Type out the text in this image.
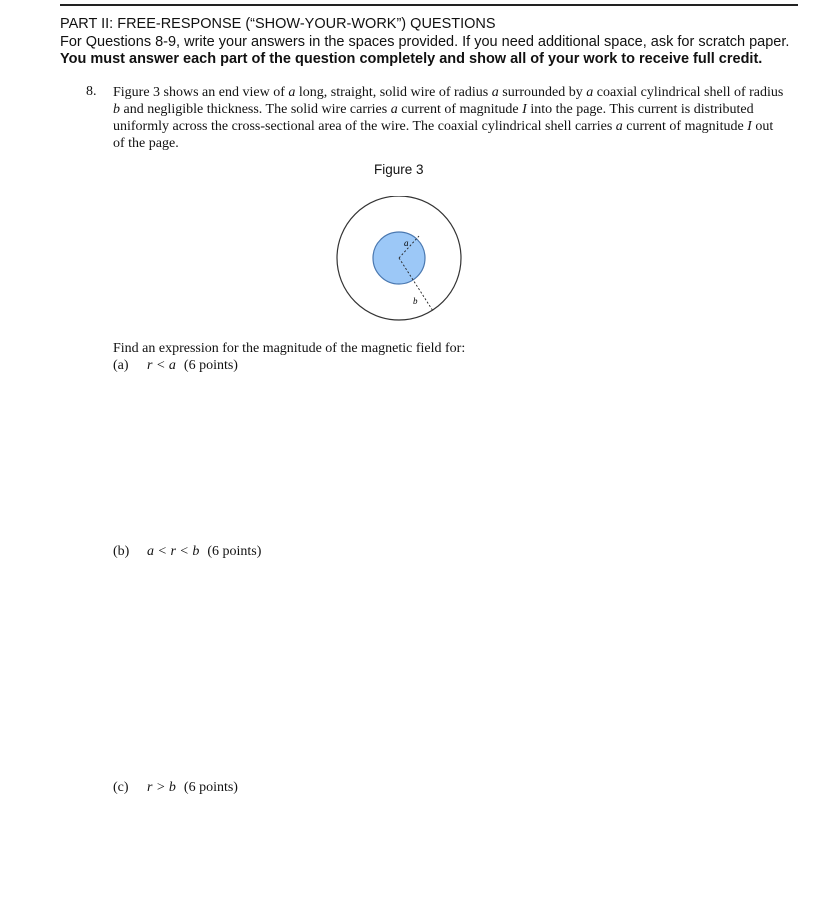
PART II: FREE-RESPONSE (“SHOW-YOUR-WORK”) QUESTIONS
For Questions 8-9, write your answers in the spaces provided. If you need additional space, ask for scratch paper.
You must answer each part of the question completely and show all of your work to receive full credit.
8. Figure 3 shows an end view of a long, straight, solid wire of radius a surrounded by a coaxial cylindrical shell of radius b and negligible thickness. The solid wire carries a current of magnitude I into the page. This current is distributed uniformly across the cross-sectional area of the wire. The coaxial cylindrical shell carries a current of magnitude I out of the page.
Figure 3
a
b
Find an expression for the magnitude of the magnetic field for:
(a) r < a (6 points)
(b) a < r < b (6 points)
(c) r > b (6 points)
